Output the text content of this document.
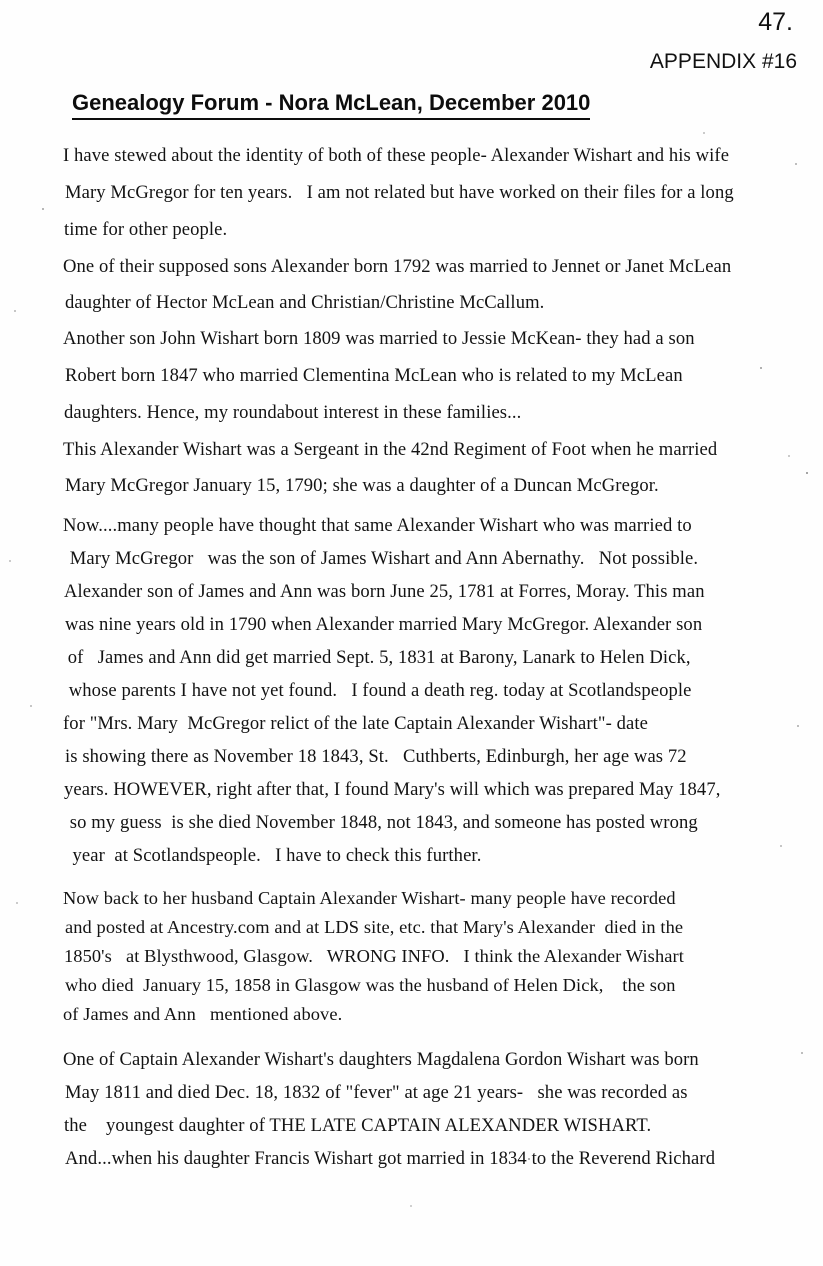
47.
APPENDIX #16
Genealogy Forum - Nora McLean, December 2010
I have stewed about the identity of both of these people- Alexander Wishart and his wife
Mary McGregor for ten years.   I am not related but have worked on their files for a long
time for other people.
One of their supposed sons Alexander born 1792 was married to Jennet or Janet McLean
daughter of Hector McLean and Christian/Christine McCallum.
Another son John Wishart born 1809 was married to Jessie McKean- they had a son
Robert born 1847 who married Clementina McLean who is related to my McLean
daughters. Hence, my roundabout interest in these families...
This Alexander Wishart was a Sergeant in the 42nd Regiment of Foot when he married
Mary McGregor January 15, 1790; she was a daughter of a Duncan McGregor.
Now....many people have thought that same Alexander Wishart who was married to
Mary McGregor   was the son of James Wishart and Ann Abernathy.   Not possible.
Alexander son of James and Ann was born June 25, 1781 at Forres, Moray. This man
was nine years old in 1790 when Alexander married Mary McGregor. Alexander son
of   James and Ann did get married Sept. 5, 1831 at Barony, Lanark to Helen Dick,
whose parents I have not yet found.   I found a death reg. today at Scotlandspeople
for "Mrs. Mary  McGregor relict of the late Captain Alexander Wishart"- date
is showing there as November 18 1843, St.   Cuthberts, Edinburgh, her age was 72
years. HOWEVER, right after that, I found Mary's will which was prepared May 1847,
so my guess  is she died November 1848, not 1843, and someone has posted wrong
year  at Scotlandspeople.   I have to check this further.
Now back to her husband Captain Alexander Wishart- many people have recorded
and posted at Ancestry.com and at LDS site, etc. that Mary's Alexander  died in the
1850's   at Blysthwood, Glasgow.   WRONG INFO.   I think the Alexander Wishart
who died  January 15, 1858 in Glasgow was the husband of Helen Dick,    the son
of James and Ann   mentioned above.
One of Captain Alexander Wishart's daughters Magdalena Gordon Wishart was born
May 1811 and died Dec. 18, 1832 of "fever" at age 21 years-   she was recorded as
the    youngest daughter of THE LATE CAPTAIN ALEXANDER WISHART.
And...when his daughter Francis Wishart got married in 1834 to the Reverend Richard
